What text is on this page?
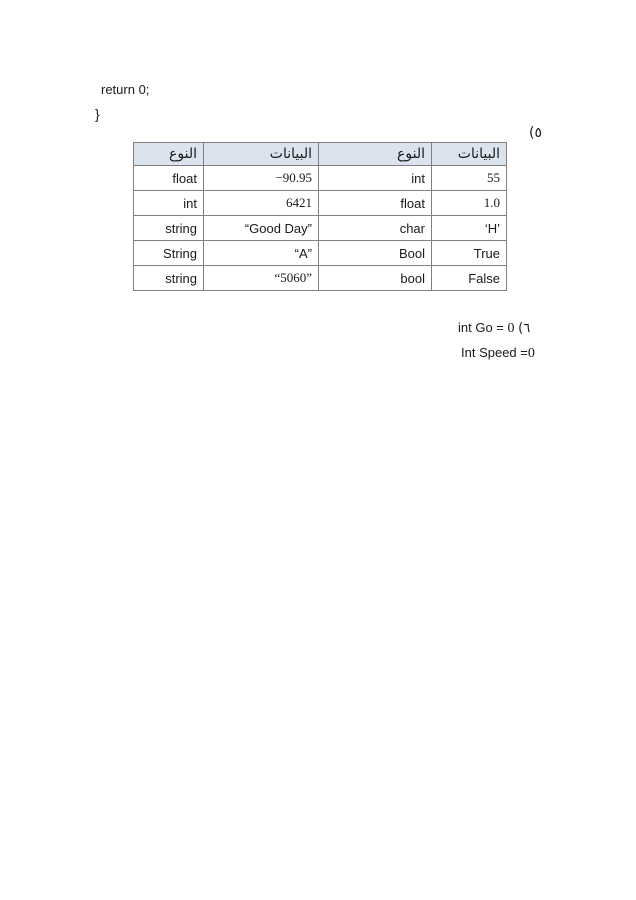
return 0;
}
٥)
النوع	البيانات	النوع	البيانات
float	−90.95	int	55
int	6421	float	1.0
string	“Good Day”	char	‘H’
String	“A”	Bool	True
string	“5060”	bool	False
int Go = 0 ٦)
Int Speed =0
